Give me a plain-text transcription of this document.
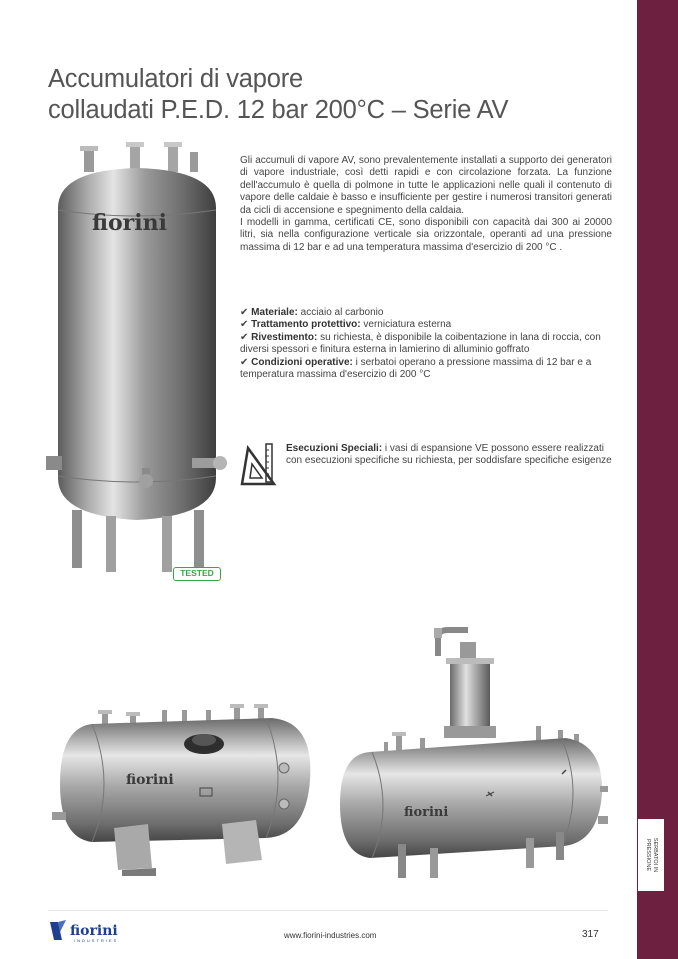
SERBATOI IN
PRESSIONE
Accumulatori di vapore
collaudati P.E.D. 12 bar 200°C – Serie AV
fiorini

Gli accumuli di vapore AV, sono prevalentemente installati a supporto dei generatori di vapore industriale, così detti rapidi e con circolazione forzata. La funzione dell'accumulo è quella di polmone in tutte le applicazioni nelle quali il contenuto di vapore delle caldaie è basso e insufficiente per gestire i numerosi transitori generati da cicli di accensione e spegnimento della caldaia.

I modelli in gamma, certificati CE, sono disponibili con capacità dai 300 ai 20000 litri, sia nella configurazione verticale sia orizzontale, operanti ad una pressione massima di 12 bar e ad una temperatura massima d'esercizio di 200 °C .

✔ Materiale: acciaio al carbonio

✔ Trattamento protettivo: verniciatura esterna

✔ Rivestimento: su richiesta, è disponibile la coibentazione in lana di roccia, con diversi spessori e finitura esterna in lamierino di alluminio goffrato

✔ Condizioni operative: i serbatoi operano a pressione massima di 12 bar e a temperatura massima d'esercizio di 200 °C

Esecuzioni Speciali: i vasi di espansione VE possono essere realizzati con esecuzioni specifiche su richiesta, per soddisfare specifiche esigenze
TESTED
fiorini
fiorini
fiorini
INDUSTRIES
www.fiorini-industries.com	317
